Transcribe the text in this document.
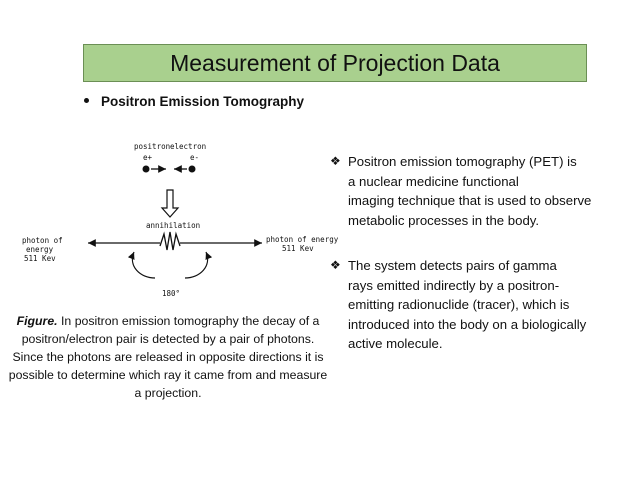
Measurement of Projection Data
Positron Emission Tomography
positron electron
e+	e-
annihilation
photon of
energy
511 Kev
photon of energy
511 Kev
180°
Figure. In positron emission tomography the decay of a positron/electron pair is detected by a pair of photons. Since the photons are released in opposite directions it is possible to determine which ray it came from and measure a projection.
❖ Positron emission tomography (PET) is
a nuclear medicine functional
imaging technique that is used to observe
metabolic processes in the body.
❖ The system detects pairs of gamma
rays emitted indirectly by a positron-
emitting radionuclide (tracer), which is
introduced into the body on a biologically
active molecule.
